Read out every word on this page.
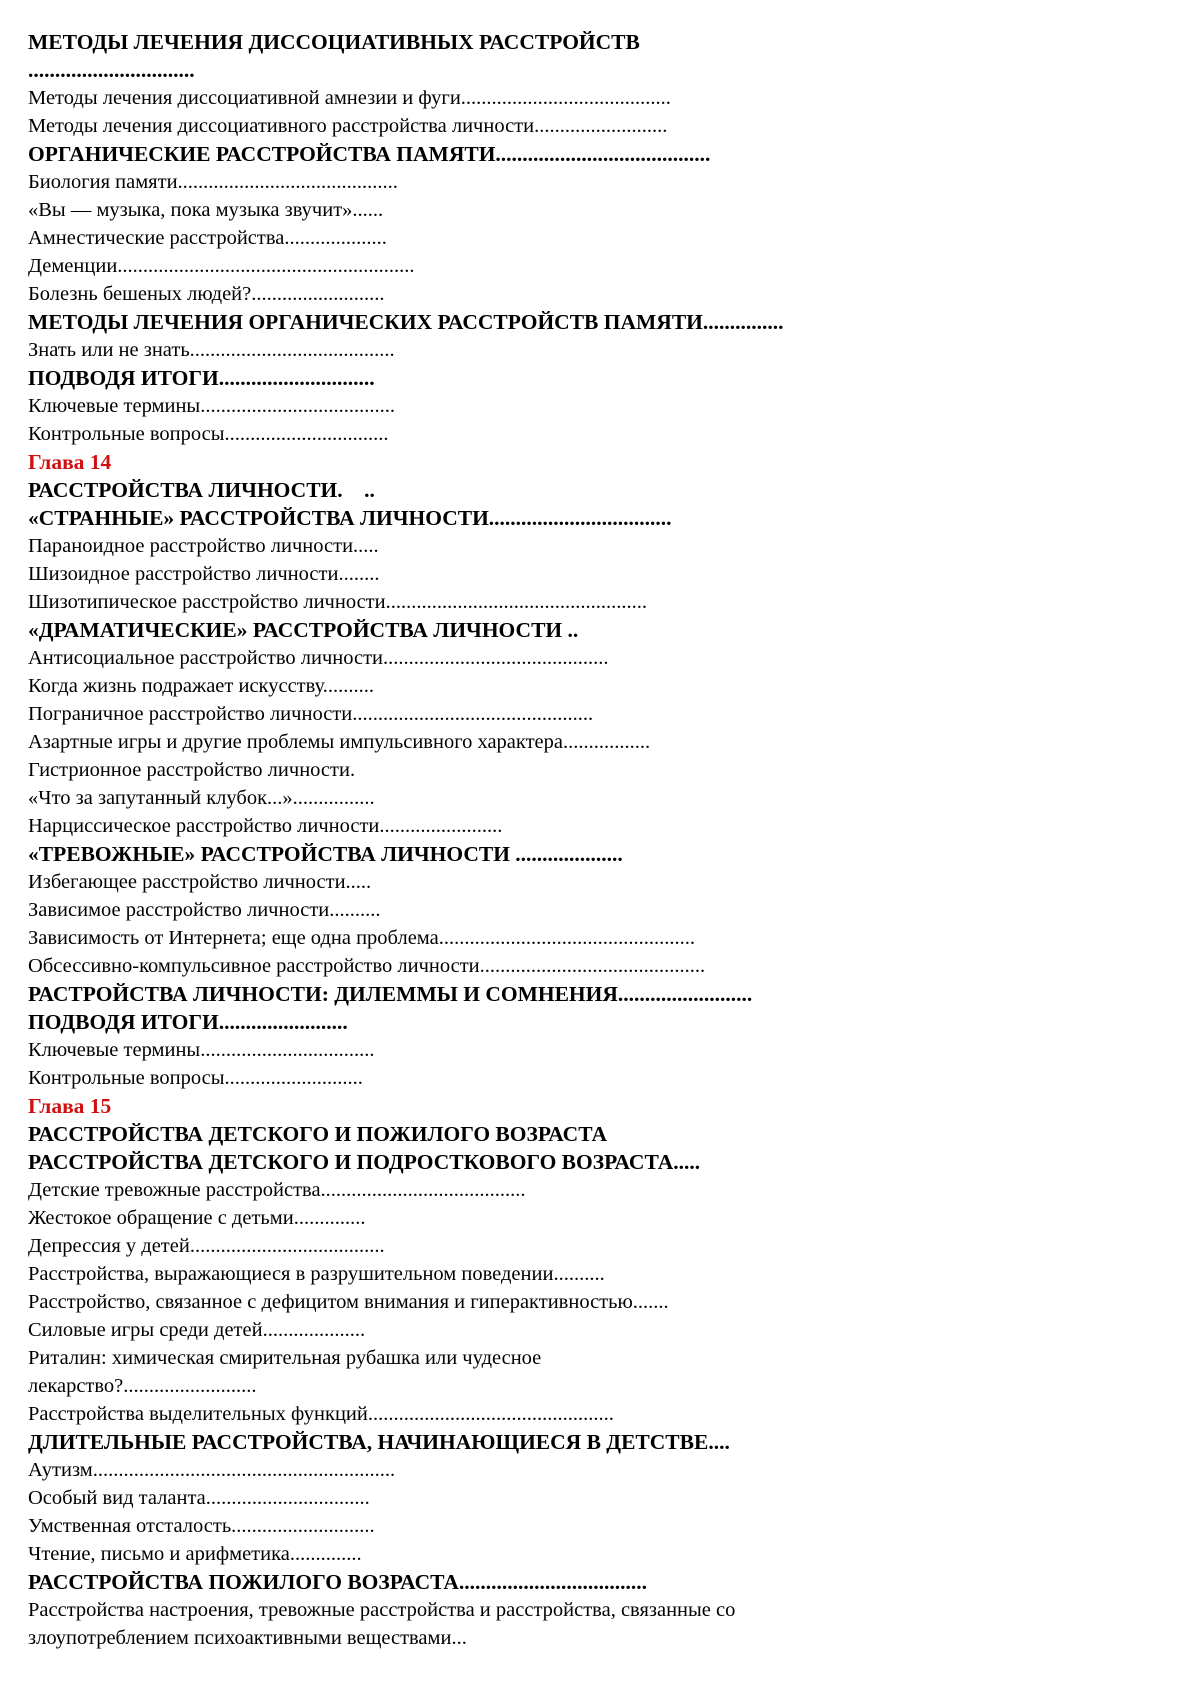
МЕТОДЫ ЛЕЧЕНИЯ ДИССОЦИАТИВНЫХ РАССТРОЙСТВ
...............................
Методы лечения диссоциативной амнезии и фуги.........................................
Методы лечения диссоциативного расстройства личности..........................
ОРГАНИЧЕСКИЕ РАССТРОЙСТВА ПАМЯТИ........................................
Биология памяти...........................................
«Вы — музыка, пока музыка звучит»......
Амнестические расстройства....................
Деменции..........................................................
Болезнь бешеных людей?..........................
МЕТОДЫ ЛЕЧЕНИЯ ОРГАНИЧЕСКИХ РАССТРОЙСТВ ПАМЯТИ...............
Знать или не знать........................................
ПОДВОДЯ ИТОГИ.............................
Ключевые термины......................................
Контрольные вопросы................................
Глава 14
РАССТРОЙСТВА ЛИЧНОСТИ.    ..
«СТРАННЫЕ» РАССТРОЙСТВА ЛИЧНОСТИ..................................
Параноидное расстройство личности.....
Шизоидное расстройство личности........
Шизотипическое расстройство личности...................................................
«ДРАМАТИЧЕСКИЕ» РАССТРОЙСТВА ЛИЧНОСТИ ..
Антисоциальное расстройство личности............................................
Когда жизнь подражает искусству..........
Пограничное расстройство личности...............................................
Азартные игры и другие проблемы импульсивного характера.................
Гистрионное расстройство личности.
«Что за запутанный клубок...»................
Нарциссическое расстройство личности........................
«ТРЕВОЖНЫЕ» РАССТРОЙСТВА ЛИЧНОСТИ ....................
Избегающее расстройство личности.....
Зависимое расстройство личности..........
Зависимость от Интернета; еще одна проблема..................................................
Обсессивно-компульсивное расстройство личности............................................
РАСТРОЙСТВА ЛИЧНОСТИ: ДИЛЕММЫ И СОМНЕНИЯ.........................
ПОДВОДЯ ИТОГИ........................
Ключевые термины..................................
Контрольные вопросы...........................
Глава 15
РАССТРОЙСТВА ДЕТСКОГО И ПОЖИЛОГО ВОЗРАСТА
РАССТРОЙСТВА ДЕТСКОГО И ПОДРОСТКОВОГО ВОЗРАСТА.....
Детские тревожные расстройства........................................
Жестокое обращение с детьми..............
Депрессия у детей......................................
Расстройства, выражающиеся в разрушительном поведении..........
Расстройство, связанное с дефицитом внимания и гиперактивностью.......
Силовые игры среди детей....................
Риталин: химическая смирительная рубашка или чудесное
лекарство?..........................
Расстройства выделительных функций................................................
ДЛИТЕЛЬНЫЕ РАССТРОЙСТВА, НАЧИНАЮЩИЕСЯ В ДЕТСТВЕ....
Аутизм...........................................................
Особый вид таланта................................
Умственная отсталость............................
Чтение, письмо и арифметика..............
РАССТРОЙСТВА ПОЖИЛОГО ВОЗРАСТА...................................
Расстройства настроения, тревожные расстройства и расстройства, связанные со
злоупотреблением психоактивными веществами...
